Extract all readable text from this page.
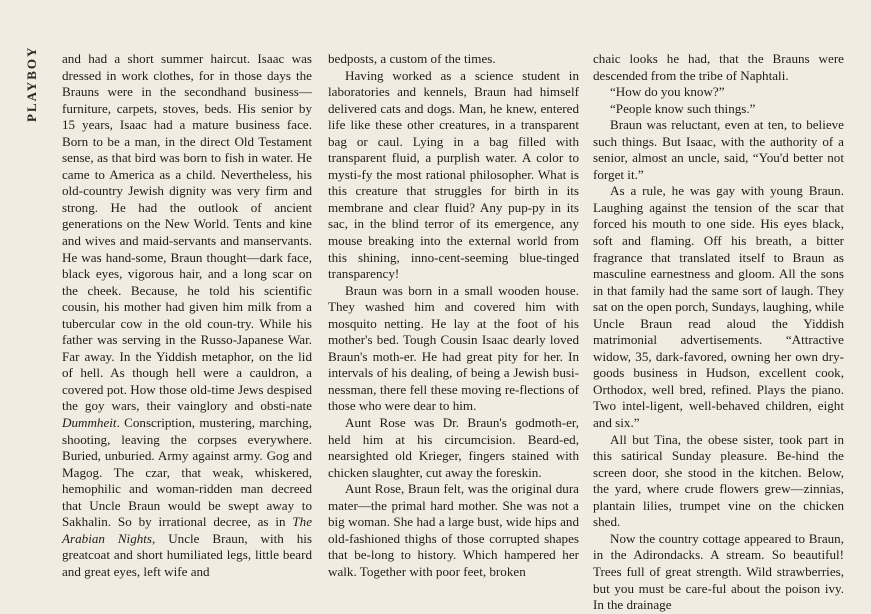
PLAYBOY	and had a short summer haircut. Isaac was dressed in work clothes, for in those days the Brauns were in the secondhand business—furniture, carpets, stoves, beds. His senior by 15 years, Isaac had a mature business face. Born to be a man, in the direct Old Testament sense, as that bird was born to fish in water. He came to America as a child. Nevertheless, his old-country Jewish dignity was very firm and strong. He had the outlook of ancient generations on the New World. Tents and kine and wives and maid-servants and manservants. He was hand-some, Braun thought—dark face, black eyes, vigorous hair, and a long scar on the cheek. Because, he told his scientific cousin, his mother had given him milk from a tubercular cow in the old coun-try. While his father was serving in the Russo-Japanese War. Far away. In the Yiddish metaphor, on the lid of hell. As though hell were a cauldron, a covered pot. How those old-time Jews despised the goy wars, their vainglory and obsti-nate Dummheit. Conscription, mustering, marching, shooting, leaving the corpses everywhere. Buried, unburied. Army against army. Gog and Magog. The czar, that weak, whiskered, hemophilic and woman-ridden man decreed that Uncle Braun would be swept away to Sakhalin. So by irrational decree, as in The Arabian Nights, Uncle Braun, with his greatcoat and short humiliated legs, little beard and great eyes, left wife and

bedposts, a custom of the times.

Having worked as a science student in laboratories and kennels, Braun had himself delivered cats and dogs. Man, he knew, entered life like these other creatures, in a transparent bag or caul. Lying in a bag filled with transparent fluid, a purplish water. A color to mysti-fy the most rational philosopher. What is this creature that struggles for birth in its membrane and clear fluid? Any pup-py in its sac, in the blind terror of its emergence, any mouse breaking into the external world from this shining, inno-cent-seeming blue-tinged transparency!

Braun was born in a small wooden house. They washed him and covered him with mosquito netting. He lay at the foot of his mother's bed. Tough Cousin Isaac dearly loved Braun's moth-er. He had great pity for her. In intervals of his dealing, of being a Jewish busi-nessman, there fell these moving re-flections of those who were dear to him.

Aunt Rose was Dr. Braun's godmoth-er, held him at his circumcision. Beard-ed, nearsighted old Krieger, fingers stained with chicken slaughter, cut away the foreskin.

Aunt Rose, Braun felt, was the original dura mater—the primal hard mother. She was not a big woman. She had a large bust, wide hips and old-fashioned thighs of those corrupted shapes that be-long to history. Which hampered her walk. Together with poor feet, broken

chaic looks he had, that the Brauns were descended from the tribe of Naphtali.

“How do you know?”

“People know such things.”

Braun was reluctant, even at ten, to believe such things. But Isaac, with the authority of a senior, almost an uncle, said, “You'd better not forget it.”

As a rule, he was gay with young Braun. Laughing against the tension of the scar that forced his mouth to one side. His eyes black, soft and flaming. Off his breath, a bitter fragrance that translated itself to Braun as masculine earnestness and gloom. All the sons in that family had the same sort of laugh. They sat on the open porch, Sundays, laughing, while Uncle Braun read aloud the Yiddish matrimonial advertisements. “Attractive widow, 35, dark-favored, owning her own dry-goods business in Hudson, excellent cook, Orthodox, well bred, refined. Plays the piano. Two intel-ligent, well-behaved children, eight and six.”

All but Tina, the obese sister, took part in this satirical Sunday pleasure. Be-hind the screen door, she stood in the kitchen. Below, the yard, where crude flowers grew—zinnias, plantain lilies, trumpet vine on the chicken shed.

Now the country cottage appeared to Braun, in the Adirondacks. A stream. So beautiful! Trees full of great strength. Wild strawberries, but you must be care-ful about the poison ivy. In the drainage
